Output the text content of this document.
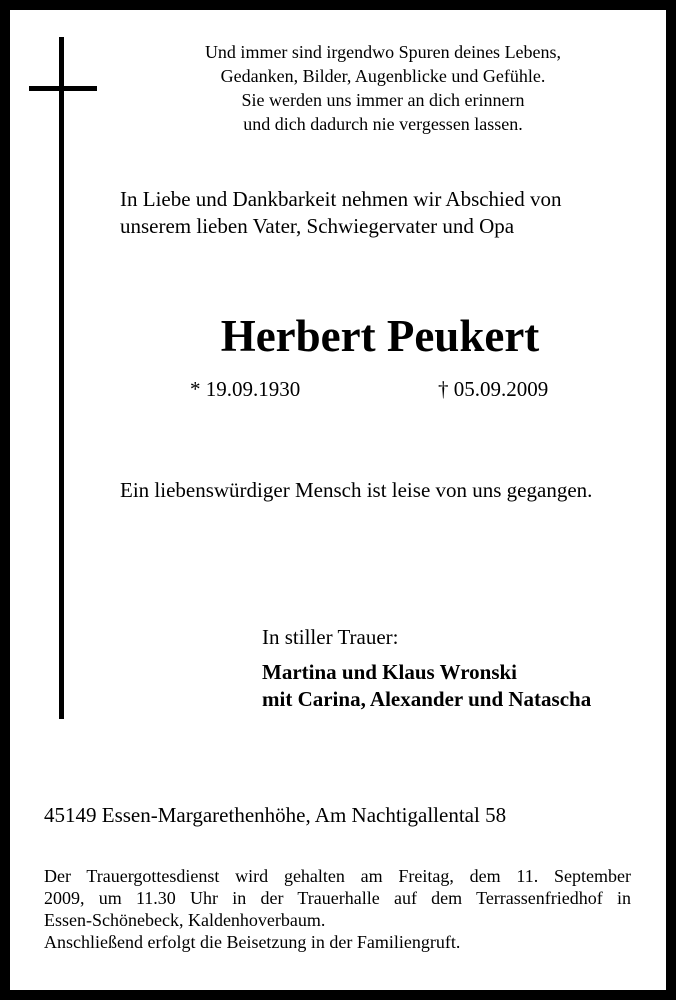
Und immer sind irgendwo Spuren deines Lebens,
Gedanken, Bilder, Augenblicke und Gefühle.
Sie werden uns immer an dich erinnern
und dich dadurch nie vergessen lassen.
In Liebe und Dankbarkeit nehmen wir Abschied von
unserem lieben Vater, Schwiegervater und Opa
Herbert Peukert
* 19.09.1930	† 05.09.2009
Ein liebenswürdiger Mensch ist leise von uns gegangen.
In stiller Trauer:
Martina und Klaus Wronski
mit Carina, Alexander und Natascha
45149 Essen-Margarethenhöhe, Am Nachtigallental 58
Der Trauergottesdienst wird gehalten am Freitag, dem 11. September
2009, um 11.30 Uhr in der Trauerhalle auf dem Terrassenfriedhof in
Essen-Schönebeck, Kaldenhoverbaum.
Anschließend erfolgt die Beisetzung in der Familiengruft.
